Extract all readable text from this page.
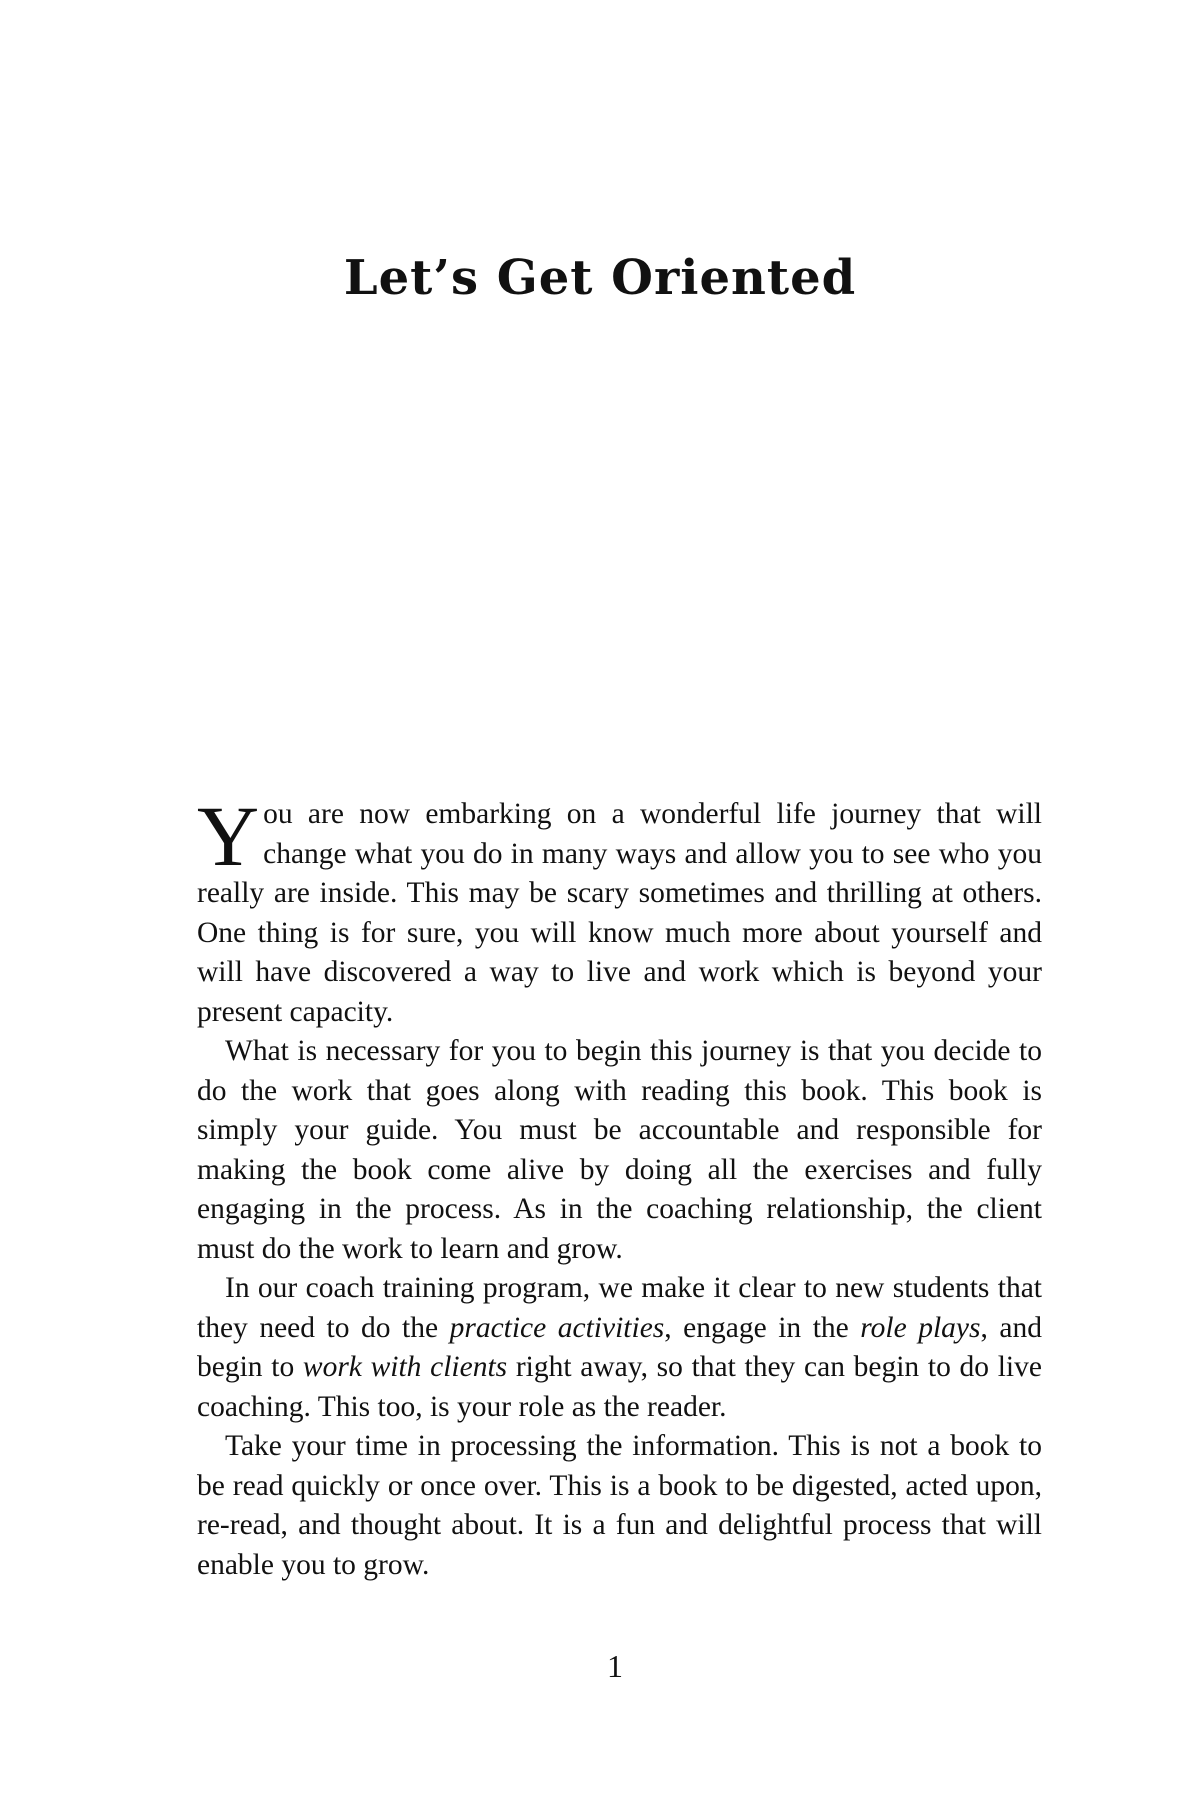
Let’s Get Oriented

You are now embarking on a wonderful life journey that will change what you do in many ways and allow you to see who you really are inside. This may be scary sometimes and thrilling at others. One thing is for sure, you will know much more about yourself and will have discovered a way to live and work which is beyond your present capacity.

What is necessary for you to begin this journey is that you decide to do the work that goes along with reading this book. This book is simply your guide. You must be accountable and responsible for making the book come alive by doing all the exercises and fully engaging in the process. As in the coaching relationship, the client must do the work to learn and grow.

In our coach training program, we make it clear to new students that they need to do the practice activities, engage in the role plays, and begin to work with clients right away, so that they can begin to do live coaching. This too, is your role as the reader.

Take your time in processing the information. This is not a book to be read quickly or once over. This is a book to be digested, acted upon, re-read, and thought about. It is a fun and delightful process that will enable you to grow.

1
